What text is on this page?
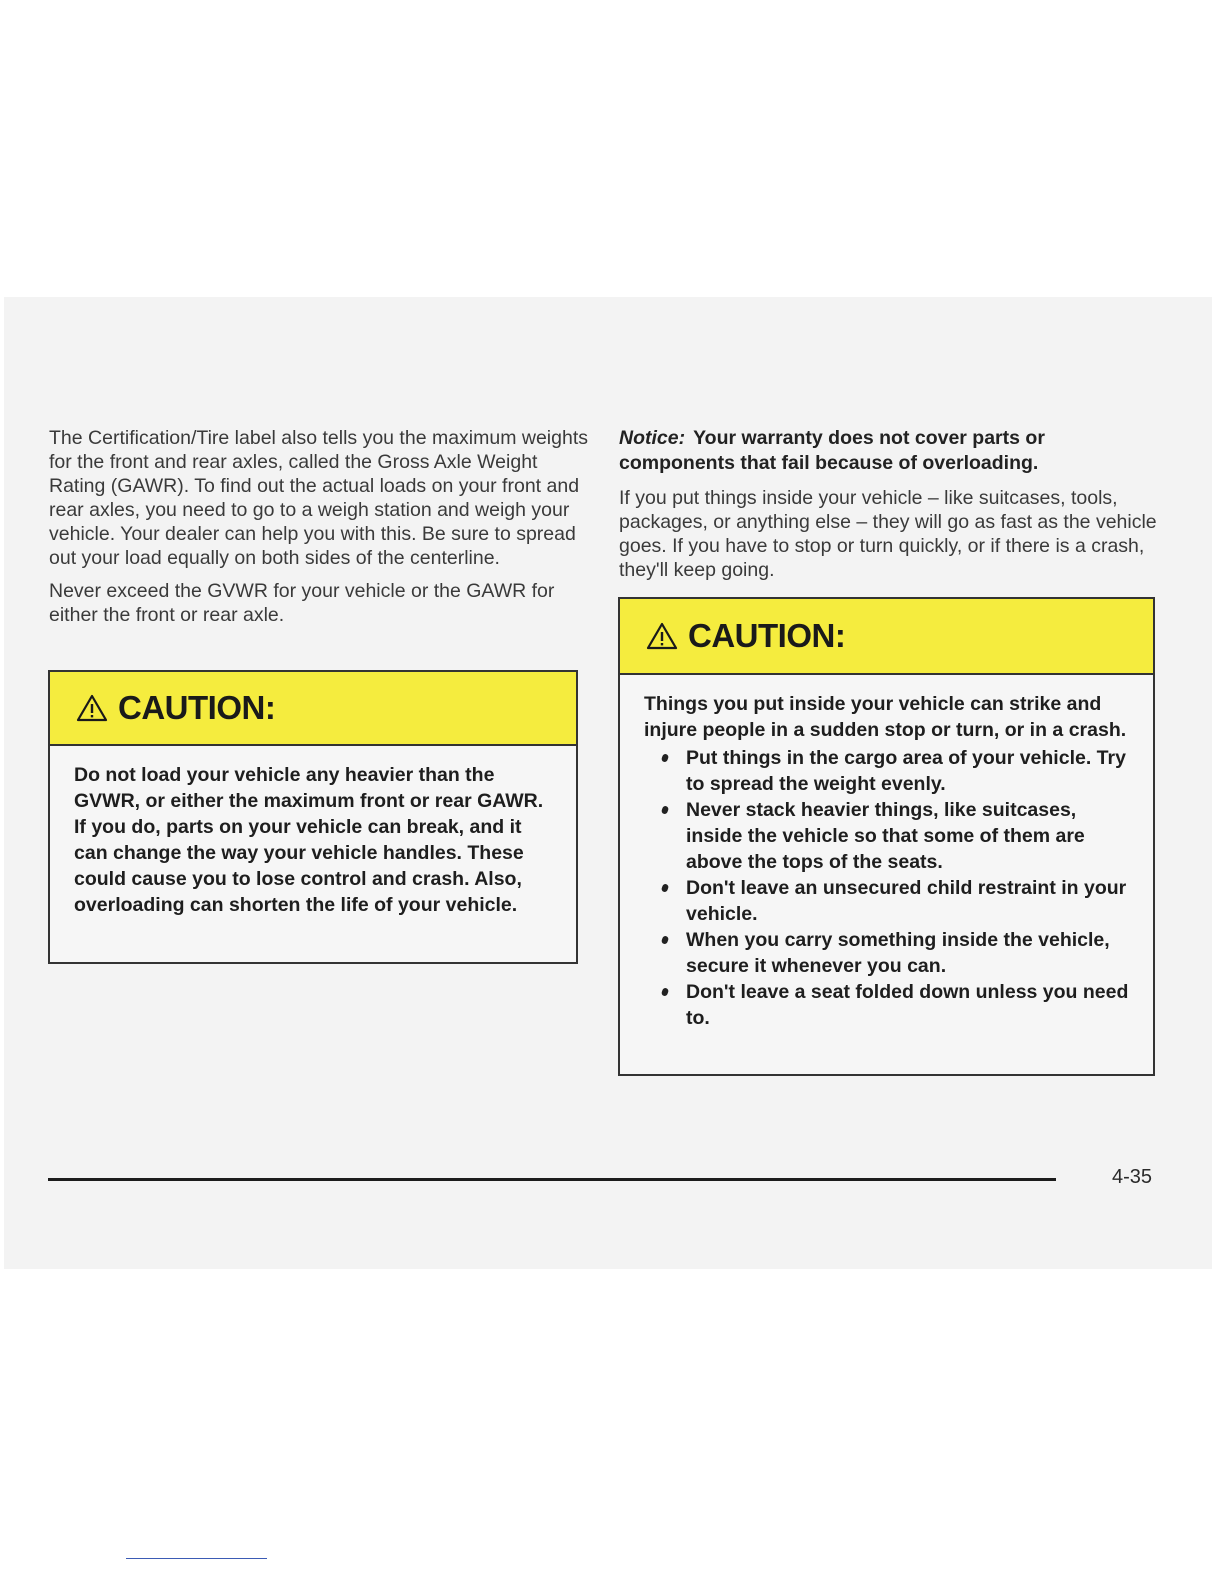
The Certification/Tire label also tells you the maximum weights for the front and rear axles, called the Gross Axle Weight Rating (GAWR). To find out the actual loads on your front and rear axles, you need to go to a weigh station and weigh your vehicle. Your dealer can help you with this. Be sure to spread out your load equally on both sides of the centerline.

Never exceed the GVWR for your vehicle or the GAWR for either the front or rear axle.

CAUTION:

Do not load your vehicle any heavier than the GVWR, or either the maximum front or rear GAWR. If you do, parts on your vehicle can break, and it can change the way your vehicle handles. These could cause you to lose control and crash. Also, overloading can shorten the life of your vehicle.

Notice: Your warranty does not cover parts or components that fail because of overloading.

If you put things inside your vehicle – like suitcases, tools, packages, or anything else – they will go as fast as the vehicle goes. If you have to stop or turn quickly, or if there is a crash, they'll keep going.

CAUTION:

Things you put inside your vehicle can strike and injure people in a sudden stop or turn, or in a crash.

Put things in the cargo area of your vehicle. Try to spread the weight evenly.
Never stack heavier things, like suitcases, inside the vehicle so that some of them are above the tops of the seats.
Don't leave an unsecured child restraint in your vehicle.
When you carry something inside the vehicle, secure it whenever you can.
Don't leave a seat folded down unless you need to.
4-35
